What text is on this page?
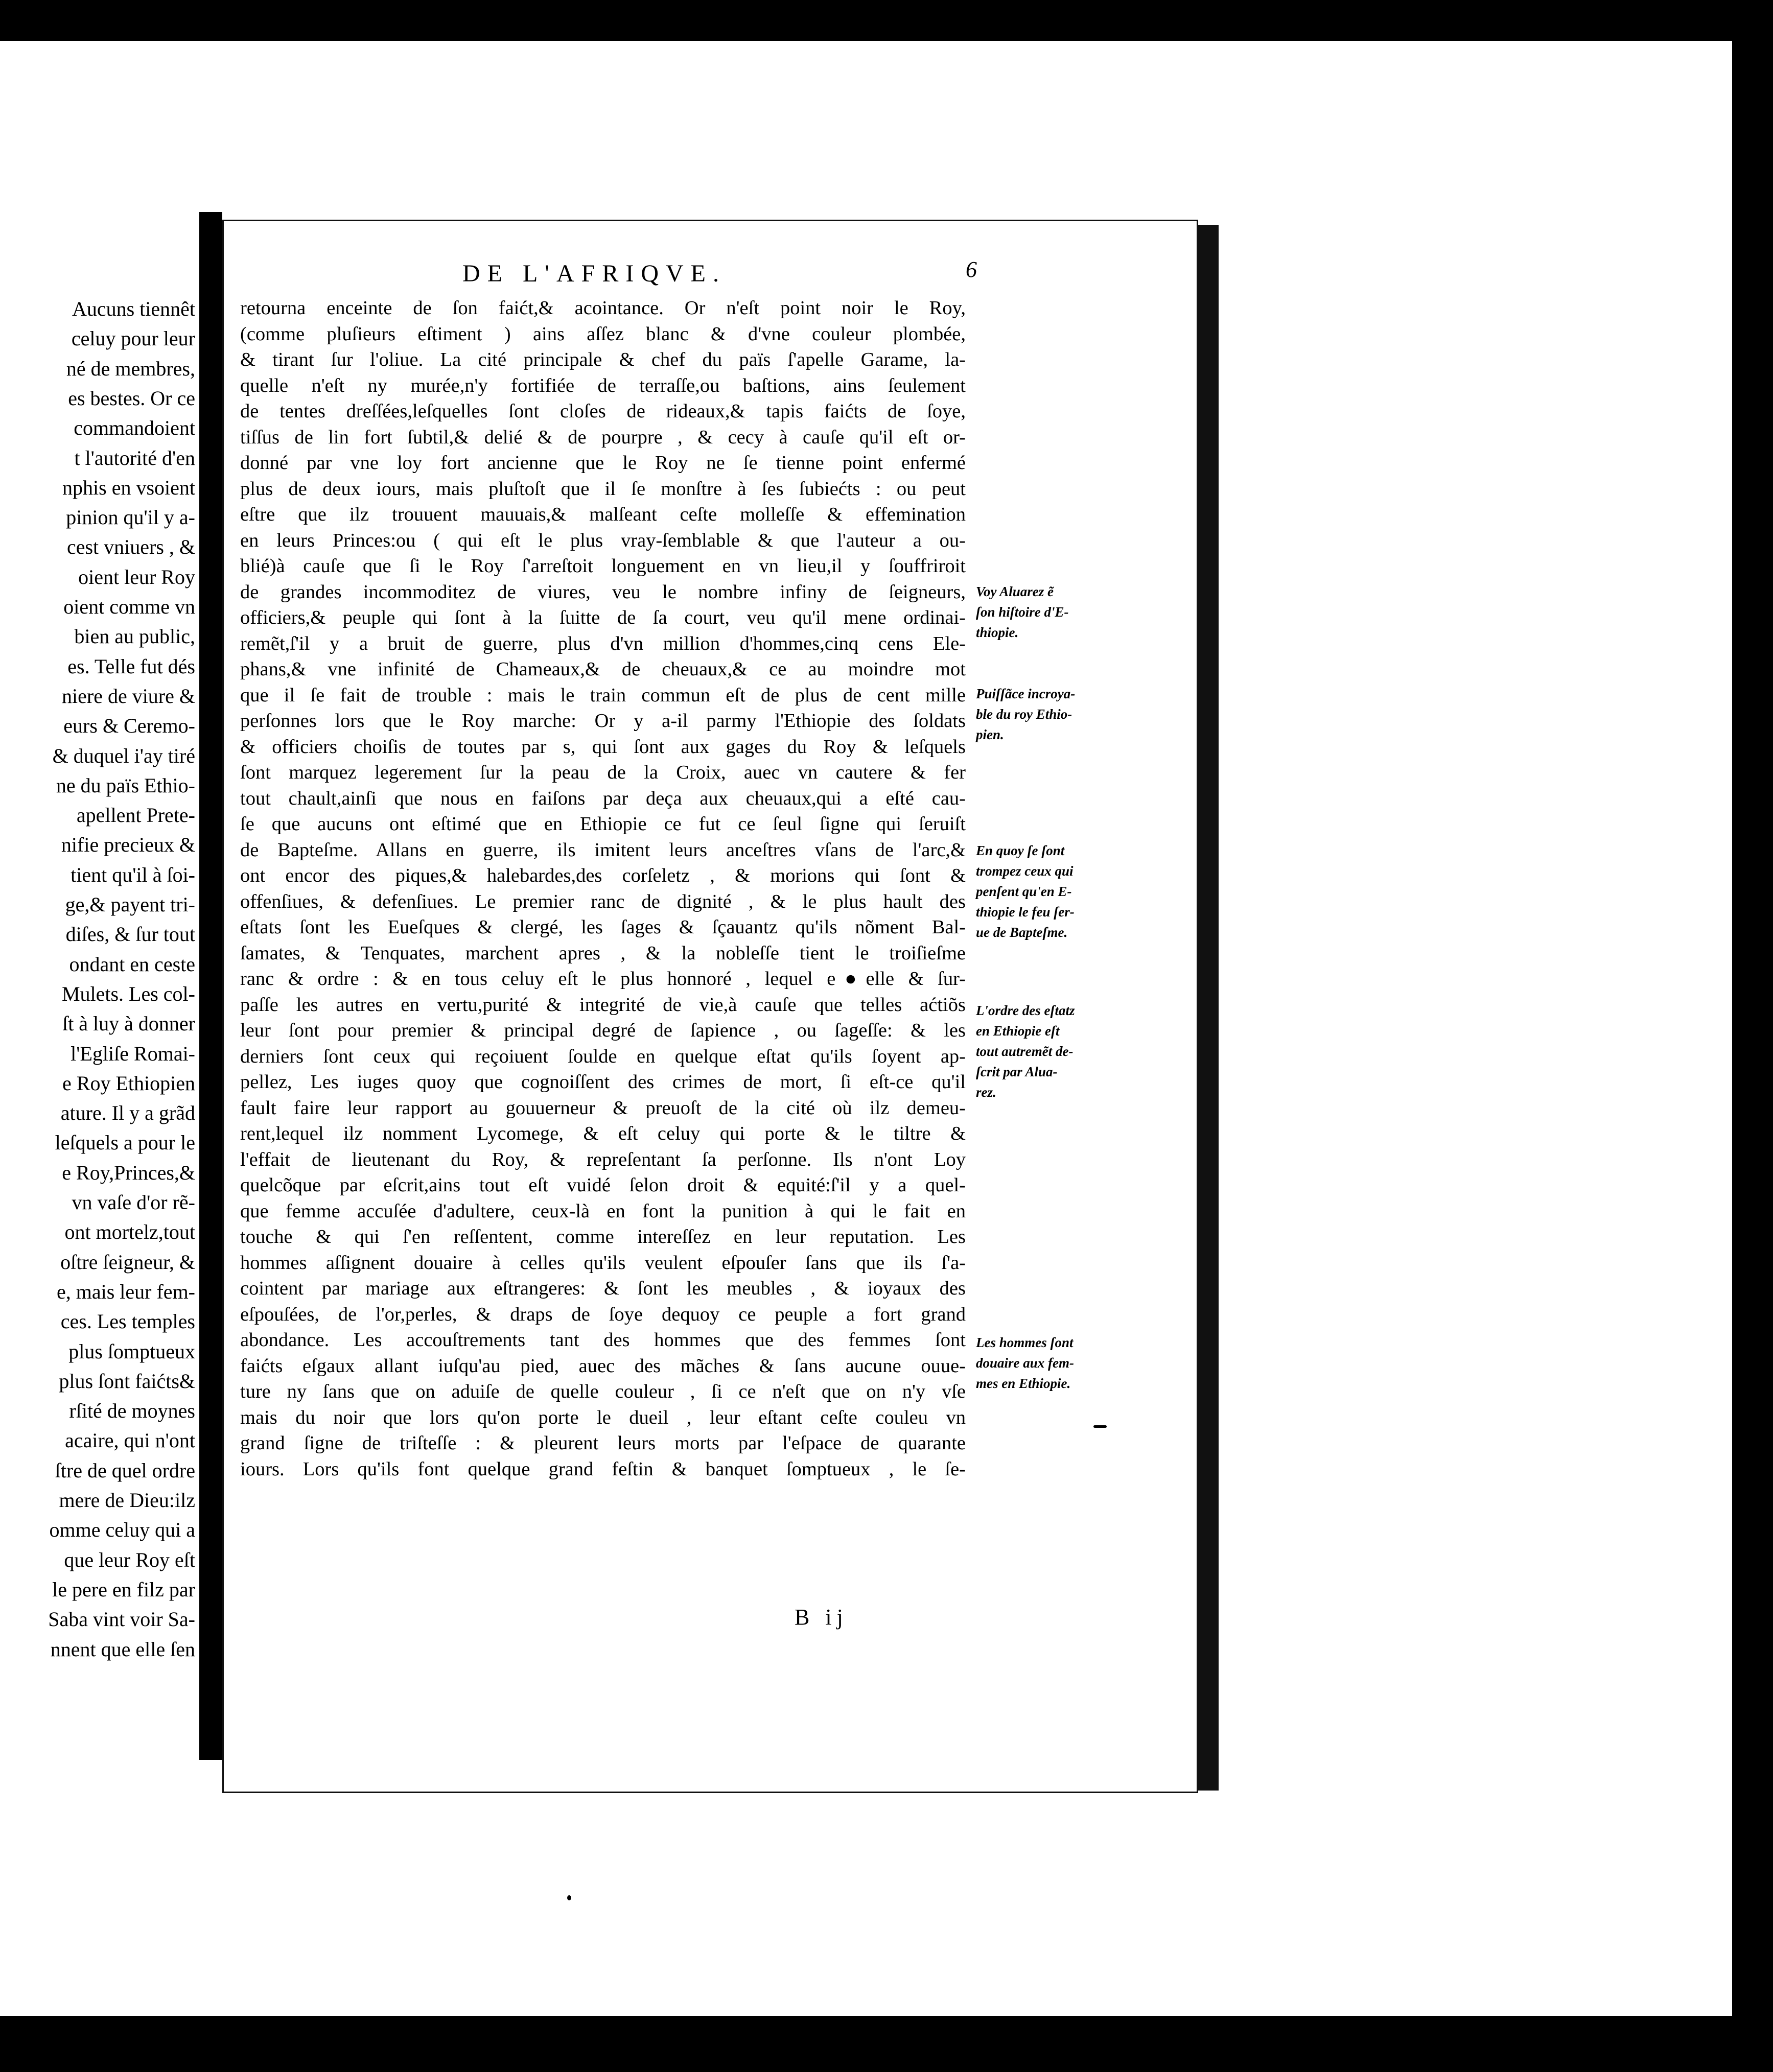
Aucuns tiennêt
celuy pour leur
né de membres,
es bestes. Or ce
commandoient
t l'autorité d'en
nphis en vsoient
pinion qu'il y a-
cest vniuers , &
oient leur Roy
oient comme vn
bien au public,
es. Telle fut dés
niere de viure &
eurs & Ceremo-
& duquel i'ay tiré
ne du païs Ethio-
apellent Prete-
nifie precieux &
tient qu'il à ſoi-
ge,& payent tri-
diſes, & ſur tout
ondant en ceste
Mulets. Les col-
ſt à luy à donner
l'Egliſe Romai-
e Roy Ethiopien
ature. Il y a grãd
leſquels a pour le
e Roy,Princes,&
vn vaſe d'or rẽ-
ont mortelz,tout
oſtre ſeigneur, &
e, mais leur fem-
ces. Les temples
plus ſomptueux
plus ſont faićts&
rſité de moynes
acaire, qui n'ont
ſtre de quel ordre
mere de Dieu:ilz
omme celuy qui a
que leur Roy eſt
le pere en filz par
Saba vint voir Sa-
nnent que elle ſen
DE L'AFRIQVE.	6
retourna enceinte de ſon faićt,& acointance. Or n'eſt point noir le Roy,
(comme pluſieurs eſtiment ) ains aſſez blanc & d'vne couleur plombée,
& tirant ſur l'oliue. La cité principale & chef du païs ſ'apelle Garame, la-
quelle n'eſt ny murée,n'y fortifiée de terraſſe,ou baſtions, ains ſeulement
de tentes dreſſées,leſquelles ſont cloſes de rideaux,& tapis faićts de ſoye,
tiſſus de lin fort ſubtil,& delié & de pourpre , & cecy à cauſe qu'il eſt or-
donné par vne loy fort ancienne que le Roy ne ſe tienne point enfermé
plus de deux iours, mais pluſtoſt que il ſe monſtre à ſes ſubiećts : ou peut
eſtre que ilz trouuent mauuais,& malſeant ceſte molleſſe & effemination
en leurs Princes:ou ( qui eſt le plus vray-ſemblable & que l'auteur a ou-
blié)à cauſe que ſi le Roy ſ'arreſtoit longuement en vn lieu,il y ſouffriroit
de grandes incommoditez de viures, veu le nombre infiny de ſeigneurs,
officiers,& peuple qui ſont à la ſuitte de ſa court, veu qu'il mene ordinai-
remẽt,ſ'il y a bruit de guerre, plus d'vn million d'hommes,cinq cens Ele-
phans,& vne infinité de Chameaux,& de cheuaux,& ce au moindre mot
que il ſe fait de trouble : mais le train commun eſt de plus de cent mille
perſonnes lors que le Roy marche: Or y a-il parmy l'Ethiopie des ſoldats
& officiers choiſis de toutes par s, qui ſont aux gages du Roy & leſquels
ſont marquez legerement ſur la peau de la Croix, auec vn cautere & fer
tout chault,ainſi que nous en faiſons par deça aux cheuaux,qui a eſté cau-
ſe que aucuns ont eſtimé que en Ethiopie ce fut ce ſeul ſigne qui ſeruiſt
de Bapteſme. Allans en guerre, ils imitent leurs anceſtres vſans de l'arc,&
ont encor des piques,& halebardes,des corſeletz , & morions qui ſont &
offenſiues, & defenſiues. Le premier ranc de dignité , & le plus hault des
eſtats ſont les Eueſques & clergé, les ſages & ſçauantz qu'ils nõment Bal-
ſamates, & Tenquates, marchent apres , & la nobleſſe tient le troiſieſme
ranc & ordre : & en tous celuy eſt le plus honnoré , lequel e●elle & ſur-
paſſe les autres en vertu,purité & integrité de vie,à cauſe que telles aćtiõs
leur ſont pour premier & principal degré de ſapience , ou ſageſſe: & les
derniers ſont ceux qui reçoiuent ſoulde en quelque eſtat qu'ils ſoyent ap-
pellez, Les iuges quoy que cognoiſſent des crimes de mort, ſi eſt-ce qu'il
fault faire leur rapport au gouuerneur & preuoſt de la cité où ilz demeu-
rent,lequel ilz nomment Lycomege, & eſt celuy qui porte & le tiltre &
l'effait de lieutenant du Roy, & repreſentant ſa perſonne. Ils n'ont Loy
quelcõque par eſcrit,ains tout eſt vuidé ſelon droit & equité:ſ'il y a quel-
que femme accuſée d'adultere, ceux-là en font la punition à qui le fait en
touche & qui ſ'en reſſentent, comme intereſſez en leur reputation. Les
hommes aſſignent douaire à celles qu'ils veulent eſpouſer ſans que ils ſ'a-
cointent par mariage aux eſtrangeres: & ſont les meubles , & ioyaux des
eſpouſées, de l'or,perles, & draps de ſoye dequoy ce peuple a fort grand
abondance. Les accouſtrements tant des hommes que des femmes ſont
faićts eſgaux allant iuſqu'au pied, auec des mãches & ſans aucune ouue-
ture ny ſans que on aduiſe de quelle couleur , ſi ce n'eſt que on n'y vſe
mais du noir que lors qu'on porte le dueil , leur eſtant ceſte couleu vn
grand ſigne de triſteſſe : & pleurent leurs morts par l'eſpace de quarante
iours. Lors qu'ils font quelque grand feſtin & banquet ſomptueux , le ſe-
Voy Aluarez ẽ
ſon hiſtoire d'E-
thiopie.
Puiſſãce incroya-
ble du roy Ethio-
pien.
En quoy ſe ſont
trompez ceux qui
penſent qu'en E-
thiopie le feu ſer-
ue de Bapteſme.
L'ordre des eſtatz
en Ethiopie eſt
tout autremẽt de-
ſcrit par Alua-
rez.
Les hommes ſont
douaire aux fem-
mes en Ethiopie.
B ij
